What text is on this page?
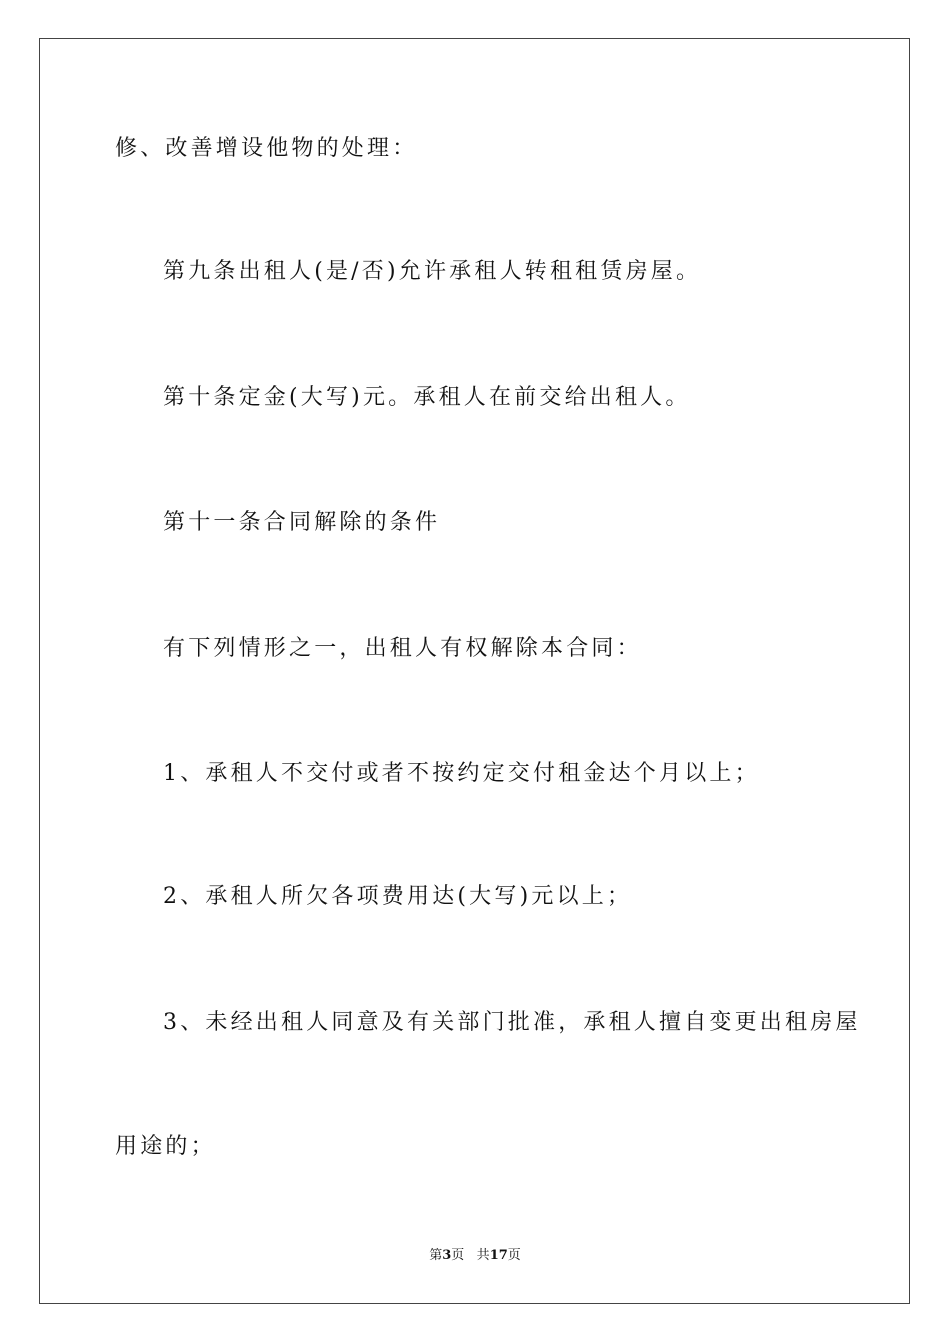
修、改善增设他物的处理：
第九条出租人(是/否)允许承租人转租租赁房屋。
第十条定金(大写)元。承租人在前交给出租人。
第十一条合同解除的条件
有下列情形之一，出租人有权解除本合同：
1、承租人不交付或者不按约定交付租金达个月以上；
2、承租人所欠各项费用达(大写)元以上；
3、未经出租人同意及有关部门批准，承租人擅自变更出租房屋
用途的；
第3页 共17页
